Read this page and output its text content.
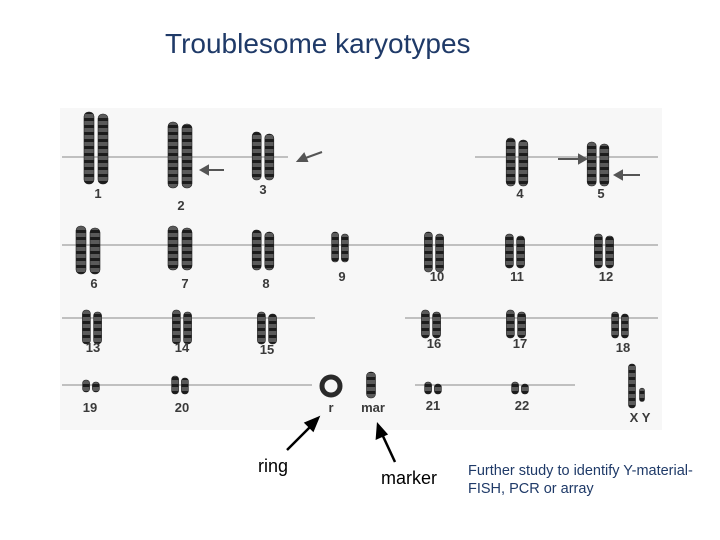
Troublesome karyotypes
1
2
3	4	5
6	7	8	9	10	11	12
13	14	15	16	17	18
19	20	r mar	21	22
X Y
ring
marker Further study to identify Y-material-
FISH, PCR or array
